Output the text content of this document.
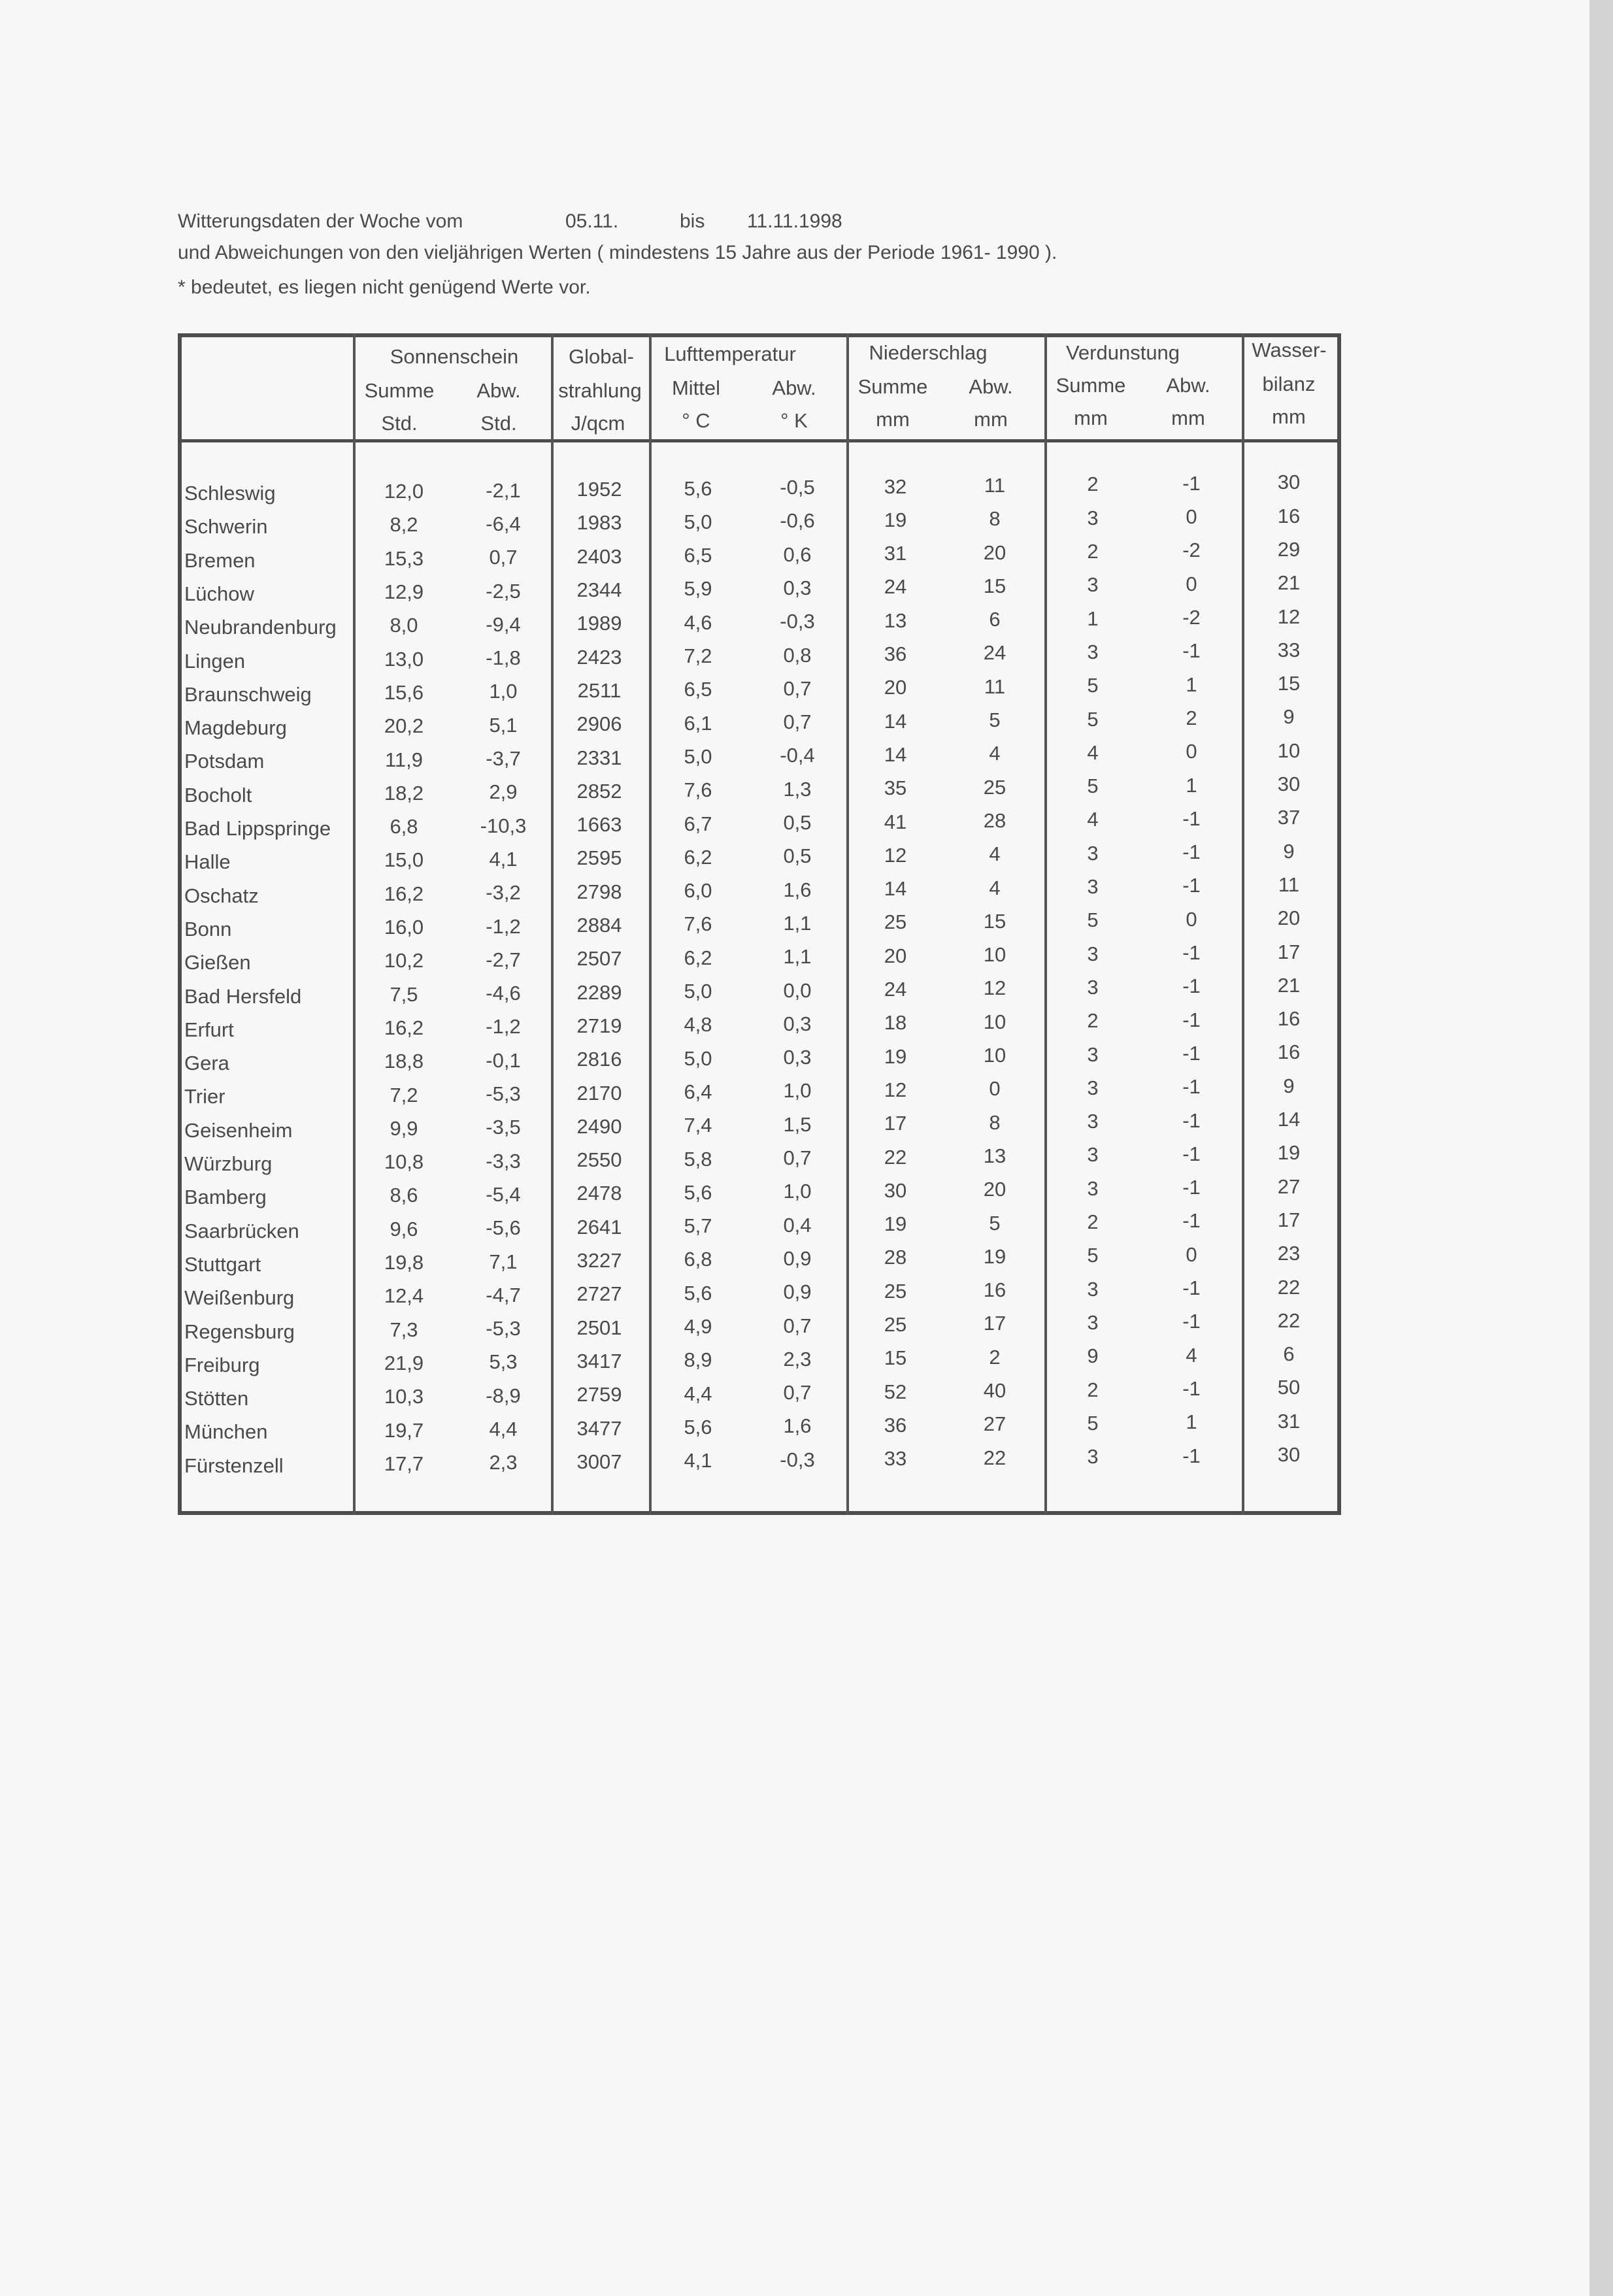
Witterungsdaten der Woche vom	05.11.	bis 11.11.1998
und Abweichungen von den vieljährigen Werten ( mindestens 15 Jahre aus der Periode 1961- 1990 ).
* bedeutet, es liegen nicht genügend Werte vor.
Sonnenschein	Global-	Lufttemperatur	Niederschlag	Verdunstung	Wasser-
Summe	Abw.	strahlung	Mittel	Abw.	Summe	Abw.	Summe	Abw.	bilanz
Std.	Std.	J/qcm	° C	° K	mm	mm	mm	mm	mm
Schleswig	12,0	-2,1	1952	5,6	-0,5	32	11	2	-1	30
Schwerin	8,2	-6,4	1983	5,0	-0,6	19	8	3	0	16
Bremen	15,3	0,7	2403	6,5	0,6	31	20	2	-2	29
Lüchow	12,9	-2,5	2344	5,9	0,3	24	15	3	0	21
Neubrandenburg	8,0	-9,4	1989	4,6	-0,3	13	6	1	-2	12
Lingen	13,0	-1,8	2423	7,2	0,8	36	24	3	-1	33
Braunschweig	15,6	1,0	2511	6,5	0,7	20	11	5	1	15
Magdeburg	20,2	5,1	2906	6,1	0,7	14	5	5	2	9
Potsdam	11,9	-3,7	2331	5,0	-0,4	14	4	4	0	10
Bocholt	18,2	2,9	2852	7,6	1,3	35	25	5	1	30
Bad Lippspringe	6,8	-10,3	1663	6,7	0,5	41	28	4	-1	37
Halle	15,0	4,1	2595	6,2	0,5	12	4	3	-1	9
Oschatz	16,2	-3,2	2798	6,0	1,6	14	4	3	-1	11
Bonn	16,0	-1,2	2884	7,6	1,1	25	15	5	0	20
Gießen	10,2	-2,7	2507	6,2	1,1	20	10	3	-1	17
Bad Hersfeld	7,5	-4,6	2289	5,0	0,0	24	12	3	-1	21
Erfurt	16,2	-1,2	2719	4,8	0,3	18	10	2	-1	16
Gera	18,8	-0,1	2816	5,0	0,3	19	10	3	-1	16
Trier	7,2	-5,3	2170	6,4	1,0	12	0	3	-1	9
Geisenheim	9,9	-3,5	2490	7,4	1,5	17	8	3	-1	14
Würzburg	10,8	-3,3	2550	5,8	0,7	22	13	3	-1	19
Bamberg	8,6	-5,4	2478	5,6	1,0	30	20	3	-1	27
Saarbrücken	9,6	-5,6	2641	5,7	0,4	19	5	2	-1	17
Stuttgart	19,8	7,1	3227	6,8	0,9	28	19	5	0	23
Weißenburg	12,4	-4,7	2727	5,6	0,9	25	16	3	-1	22
Regensburg	7,3	-5,3	2501	4,9	0,7	25	17	3	-1	22
Freiburg	21,9	5,3	3417	8,9	2,3	15	2	9	4	6
Stötten	10,3	-8,9	2759	4,4	0,7	52	40	2	-1	50
München	19,7	4,4	3477	5,6	1,6	36	27	5	1	31
Fürstenzell	17,7	2,3	3007	4,1	-0,3	33	22	3	-1	30
